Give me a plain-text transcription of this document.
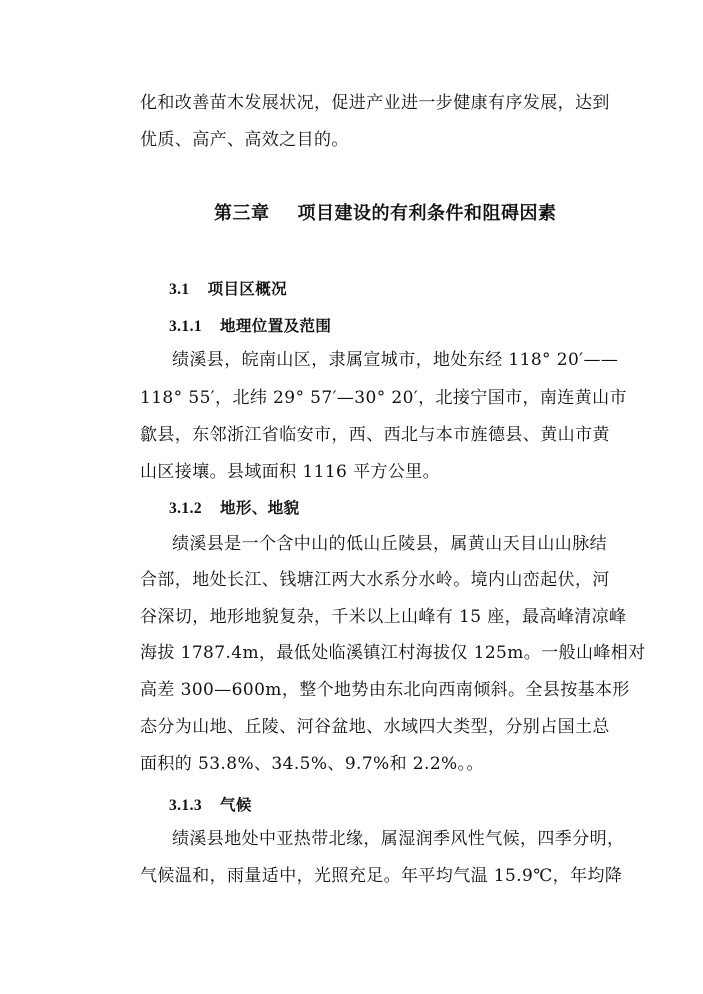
化和改善苗木发展状况，促进产业进一步健康有序发展，达到
优质、高产、高效之目的。
第三章 项目建设的有利条件和阻碍因素
3.1 项目区概况
3.1.1 地理位置及范围
绩溪县，皖南山区，隶属宣城市，地处东经 118° 20′——
118° 55′，北纬 29° 57′—30° 20′，北接宁国市，南连黄山市
歙县，东邻浙江省临安市，西、西北与本市旌德县、黄山市黄
山区接壤。县域面积 1116 平方公里。
3.1.2 地形、地貌
绩溪县是一个含中山的低山丘陵县，属黄山天目山山脉结
合部，地处长江、钱塘江两大水系分水岭。境内山峦起伏，河
谷深切，地形地貌复杂，千米以上山峰有 15 座，最高峰清凉峰
海拔 1787.4m，最低处临溪镇江村海拔仅 125m。一般山峰相对
高差 300—600m，整个地势由东北向西南倾斜。全县按基本形
态分为山地、丘陵、河谷盆地、水域四大类型，分别占国土总
面积的 53.8%、34.5%、9.7%和 2.2%。。
3.1.3 气候
绩溪县地处中亚热带北缘，属湿润季风性气候，四季分明，
气候温和，雨量适中，光照充足。年平均气温 15.9℃，年均降
